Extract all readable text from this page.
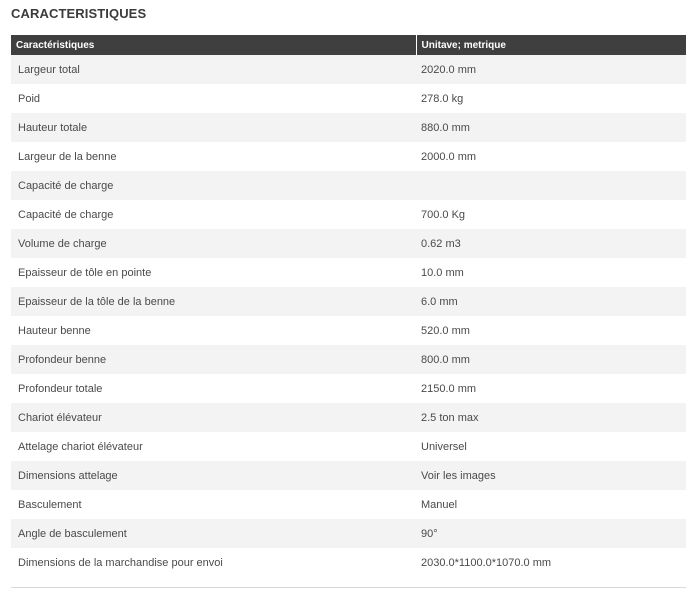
CARACTERISTIQUES
Caractéristiques	Unitave; metrique
Largeur total	2020.0 mm
Poid	278.0 kg
Hauteur totale	880.0 mm
Largeur de la benne	2000.0 mm
Capacité de charge	
Capacité de charge	700.0 Kg
Volume de charge	0.62 m3
Epaisseur de tôle en pointe	10.0 mm
Epaisseur de la tôle de la benne	6.0 mm
Hauteur benne	520.0 mm
Profondeur benne	800.0 mm
Profondeur totale	2150.0 mm
Chariot élévateur	2.5 ton max
Attelage chariot élévateur	Universel
Dimensions attelage	Voir les images
Basculement	Manuel
Angle de basculement	90°
Dimensions de la marchandise pour envoi	2030.0*1100.0*1070.0 mm
